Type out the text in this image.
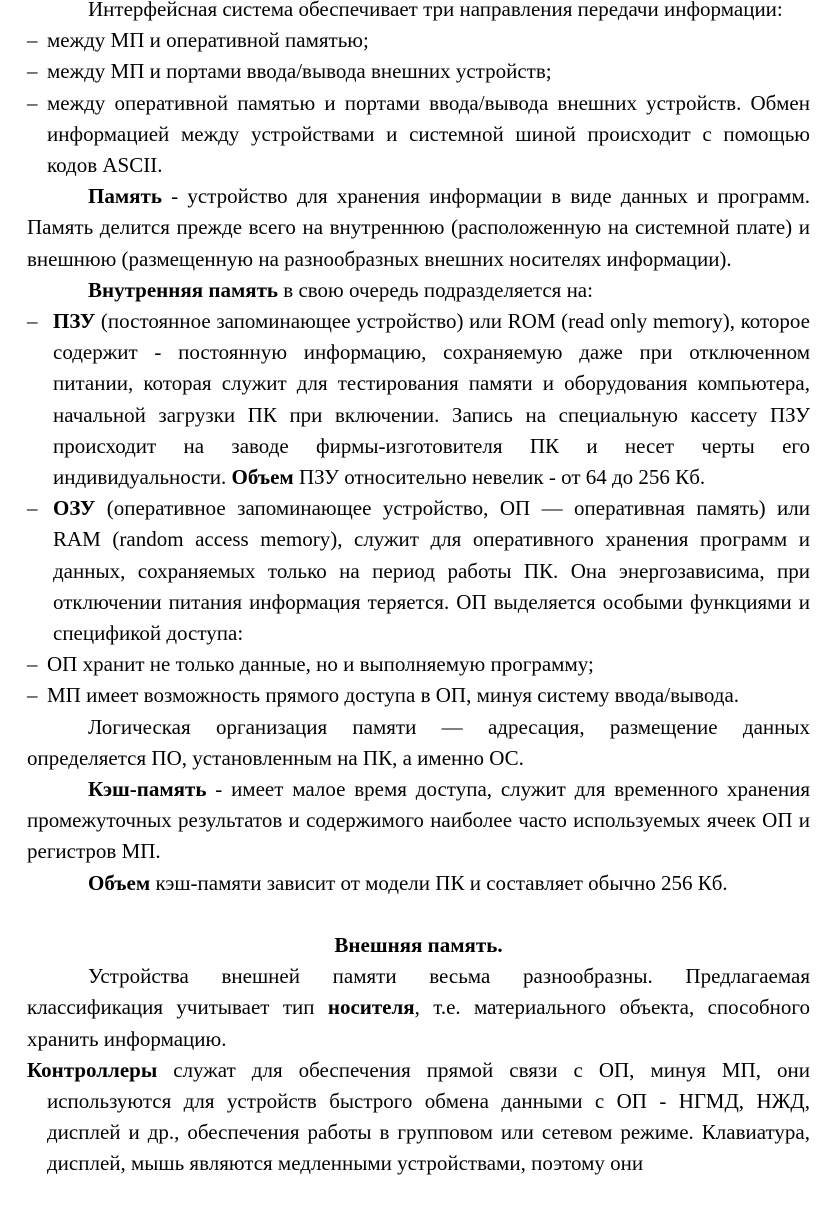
Интерфейсная система обеспечивает три направления передачи информации:

– между МП и оперативной памятью;

– между МП и портами ввода/вывода внешних устройств;

– между оперативной памятью и портами ввода/вывода внешних устройств. Обмен информацией между устройствами и системной шиной происходит с помощью кодов ASCII.

Память - устройство для хранения информации в виде данных и программ. Память делится прежде всего на внутреннюю (расположенную на системной плате) и внешнюю (размещенную на разнообразных внешних носителях информации).

Внутренняя память в свою очередь подразделяется на:

– ПЗУ (постоянное запоминающее устройство) или ROM (read only memory), которое содержит - постоянную информацию, сохраняемую даже при отключенном питании, которая служит для тестирования памяти и оборудования компьютера, начальной загрузки ПК при включении. Запись на специальную кассету ПЗУ происходит на заводе фирмы-изготовителя ПК и несет черты его индивидуальности. Объем ПЗУ относительно невелик - от 64 до 256 Кб.

– ОЗУ (оперативное запоминающее устройство, ОП — оперативная память) или RAM (random access memory), служит для оперативного хранения программ и данных, сохраняемых только на период работы ПК. Она энергозависима, при отключении питания информация теряется. ОП выделяется особыми функциями и спецификой доступа:

– ОП хранит не только данные, но и выполняемую программу;

– МП имеет возможность прямого доступа в ОП, минуя систему ввода/вывода.

Логическая организация памяти — адресация, размещение данных определяется ПО, установленным на ПК, а именно ОС.

Кэш-память - имеет малое время доступа, служит для временного хранения промежуточных результатов и содержимого наиболее часто используемых ячеек ОП и регистров МП.

Объем кэш-памяти зависит от модели ПК и составляет обычно 256 Кб.

Внешняя память.

Устройства внешней памяти весьма разнообразны. Предлагаемая классификация учитывает тип носителя, т.е. материального объекта, способного хранить информацию.

Контроллеры служат для обеспечения прямой связи с ОП, минуя МП, они используются для устройств быстрого обмена данными с ОП - НГМД, НЖД, дисплей и др., обеспечения работы в групповом или сетевом режиме. Клавиатура, дисплей, мышь являются медленными устройствами, поэтому они
